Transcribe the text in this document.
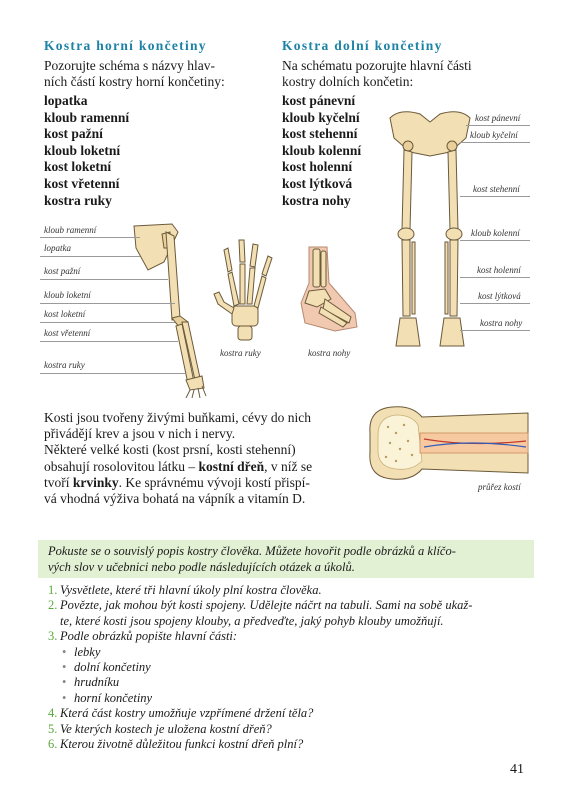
Kostra horní končetiny
Pozorujte schéma s názvy hlav-
ních částí kostry horní končetiny:
lopatka
kloub ramenní
kost pažní
kloub loketní
kost loketní
kost vřetenní
kostra ruky
Kostra dolní končetiny
Na schématu pozorujte hlavní části
kostry dolních končetin:
kost pánevní
kloub kyčelní
kost stehenní
kloub kolenní
kost holenní
kost lýtková
kostra nohy
kloub ramenní
lopatka
kost pažní
kloub loketní
kost loketní
kost vřetenní
kostra ruky
kostra ruky	kostra nohy
kost pánevní
kloub kyčelní
kost stehenní
kloub kolenní
kost holenní
kost lýtková
kostra nohy
Kosti jsou tvořeny živými buňkami, cévy do nich
přivádějí krev a jsou v nich i nervy.
Některé velké kosti (kost prsní, kosti stehenní)
obsahují rosolovitou látku – kostní dřeň, v níž se
tvoří krvinky. Ke správnému vývoji kostí přispí-
vá vhodná výživa bohatá na vápník a vitamín D.
průřez kostí

Pokuste se o souvislý popis kostry člověka. Můžete hovořit podle obrázků a klíčo-

vých slov v učebnici nebo podle následujících otázek a úkolů.

1. Vysvětlete, které tři hlavní úkoly plní kostra člověka.
2. Povězte, jak mohou být kosti spojeny. Udělejte náčrt na tabuli. Sami na sobě ukaž-
te, které kosti jsou spojeny klouby, a předveďte, jaký pohyb klouby umožňují.
3. Podle obrázků popište hlavní části:
• lebky
• dolní končetiny
• hrudníku
• horní končetiny
4. Která část kostry umožňuje vzpřímené držení těla?
5. Ve kterých kostech je uložena kostní dřeň?
6. Kterou životně důležitou funkci kostní dřeň plní?
41
